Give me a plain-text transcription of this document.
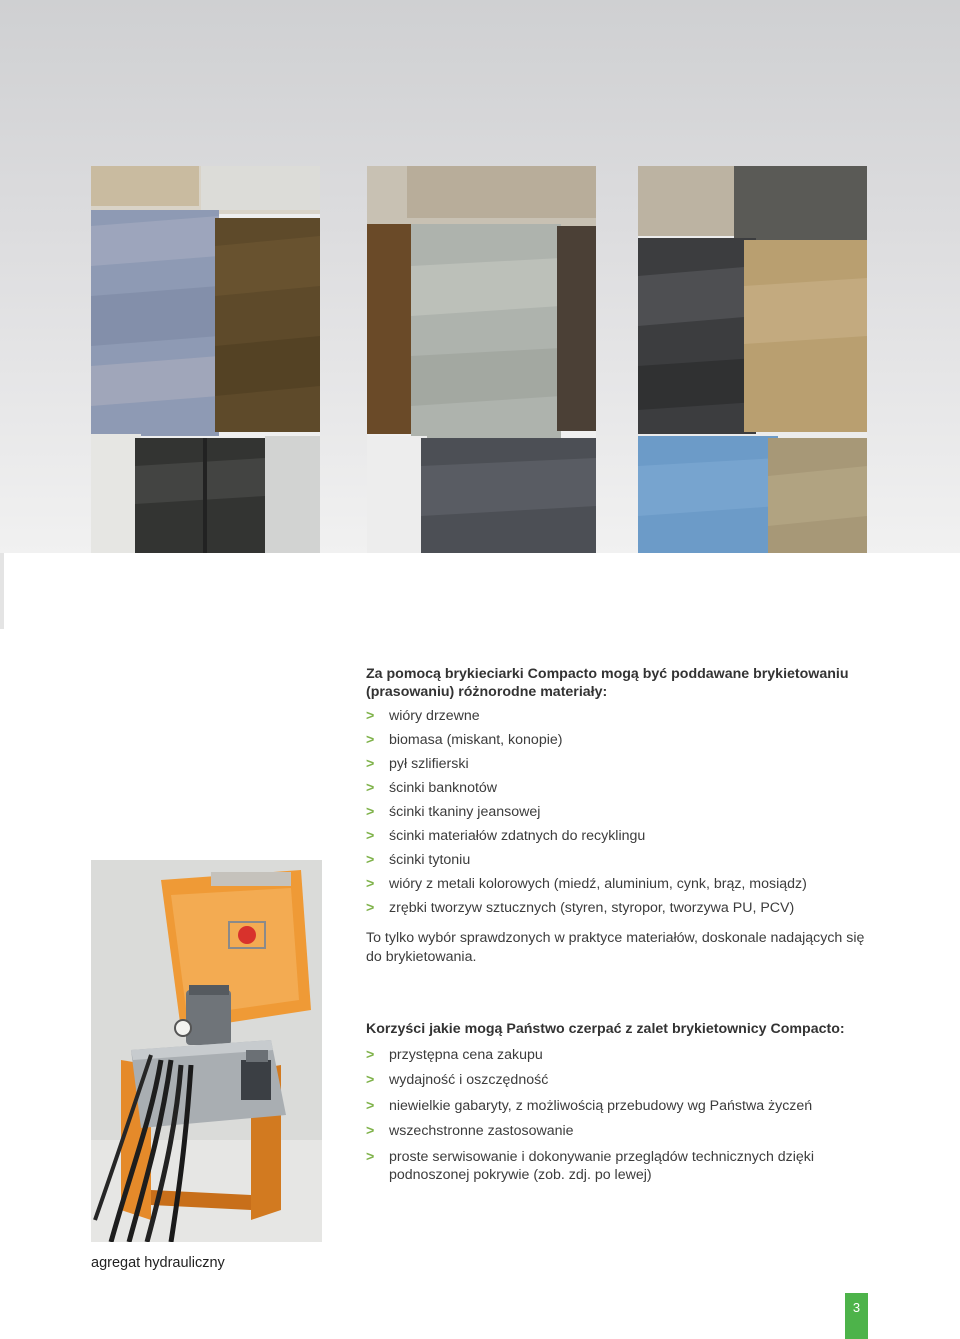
Za pomocą brykieciarki Compacto mogą być poddawane brykietowaniu (prasowaniu) różnorodne materiały:

> wióry drzewne
> biomasa (miskant, konopie)
> pył szlifierski
> ścinki banknotów
> ścinki tkaniny jeansowej
> ścinki materiałów zdatnych do recyklingu
> ścinki tytoniu
> wióry z metali kolorowych (miedź, aluminium, cynk, brąz, mosiądz)
> zrębki tworzyw sztucznych (styren, styropor, tworzywa PU, PCV)

To tylko wybór sprawdzonych w praktyce materiałów, doskonale nadających się do brykietowania.

Korzyści jakie mogą Państwo czerpać z zalet brykietownicy Compacto:

> przystępna cena zakupu
> wydajność i oszczędność
> niewielkie gabaryty, z możliwością przebudowy wg Państwa życzeń
> wszechstronne zastosowanie
> proste serwisowanie i dokonywanie przeglądów technicznych dzięki podnoszonej pokrywie (zob. zdj. po lewej)
agregat hydrauliczny
3
